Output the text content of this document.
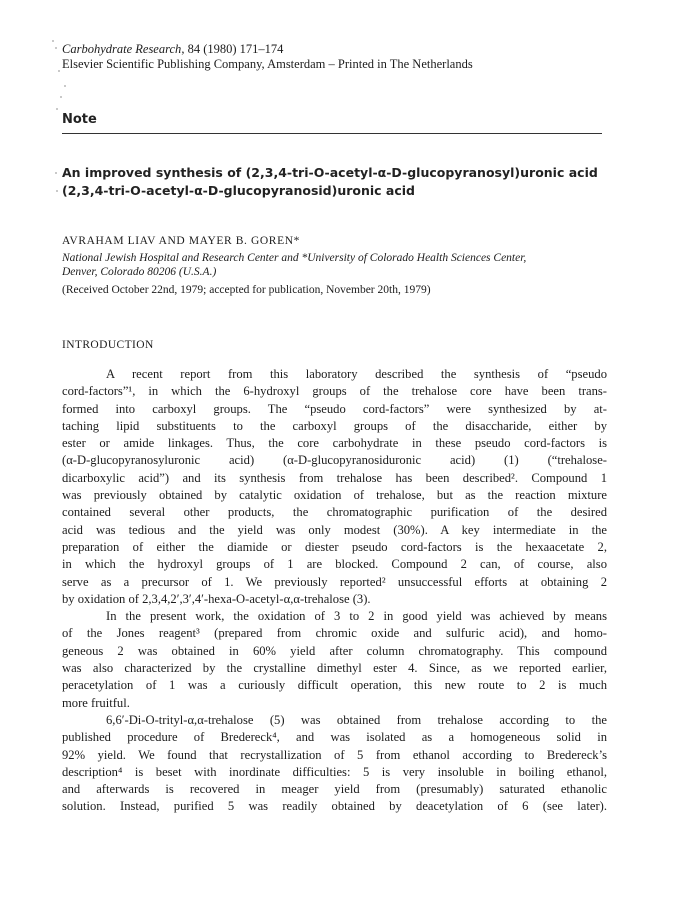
Carbohydrate Research, 84 (1980) 171–174
Elsevier Scientific Publishing Company, Amsterdam – Printed in The Netherlands
Note
An improved synthesis of (2,3,4-tri-O-acetyl-α-D-glucopyranosyl)uronic acid
(2,3,4-tri-O-acetyl-α-D-glucopyranosid)uronic acid
AVRAHAM LIAV AND MAYER B. GOREN*
National Jewish Hospital and Research Center and *University of Colorado Health Sciences Center,
Denver, Colorado 80206 (U.S.A.)
(Received October 22nd, 1979; accepted for publication, November 20th, 1979)
INTRODUCTION
A recent report from this laboratory described the synthesis of “pseudo
cord-factors”¹, in which the 6-hydroxyl groups of the trehalose core have been trans-
formed into carboxyl groups. The “pseudo cord-factors” were synthesized by at-
taching lipid substituents to the carboxyl groups of the disaccharide, either by
ester or amide linkages. Thus, the core carbohydrate in these pseudo cord-factors is
(α-D-glucopyranosyluronic acid) (α-D-glucopyranosiduronic acid) (1) (“trehalose-
dicarboxylic acid”) and its synthesis from trehalose has been described². Compound 1
was previously obtained by catalytic oxidation of trehalose, but as the reaction mixture
contained several other products, the chromatographic purification of the desired
acid was tedious and the yield was only modest (30%). A key intermediate in the
preparation of either the diamide or diester pseudo cord-factors is the hexaacetate 2,
in which the hydroxyl groups of 1 are blocked. Compound 2 can, of course, also
serve as a precursor of 1. We previously reported² unsuccessful efforts at obtaining 2
by oxidation of 2,3,4,2′,3′,4′-hexa-O-acetyl-α,α-trehalose (3).
In the present work, the oxidation of 3 to 2 in good yield was achieved by means
of the Jones reagent³ (prepared from chromic oxide and sulfuric acid), and homo-
geneous 2 was obtained in 60% yield after column chromatography. This compound
was also characterized by the crystalline dimethyl ester 4. Since, as we reported earlier,
peracetylation of 1 was a curiously difficult operation, this new route to 2 is much
more fruitful.
6,6′-Di-O-trityl-α,α-trehalose (5) was obtained from trehalose according to the
published procedure of Bredereck⁴, and was isolated as a homogeneous solid in
92% yield. We found that recrystallization of 5 from ethanol according to Bredereck’s
description⁴ is beset with inordinate difficulties: 5 is very insoluble in boiling ethanol,
and afterwards is recovered in meager yield from (presumably) saturated ethanolic
solution. Instead, purified 5 was readily obtained by deacetylation of 6 (see later).
